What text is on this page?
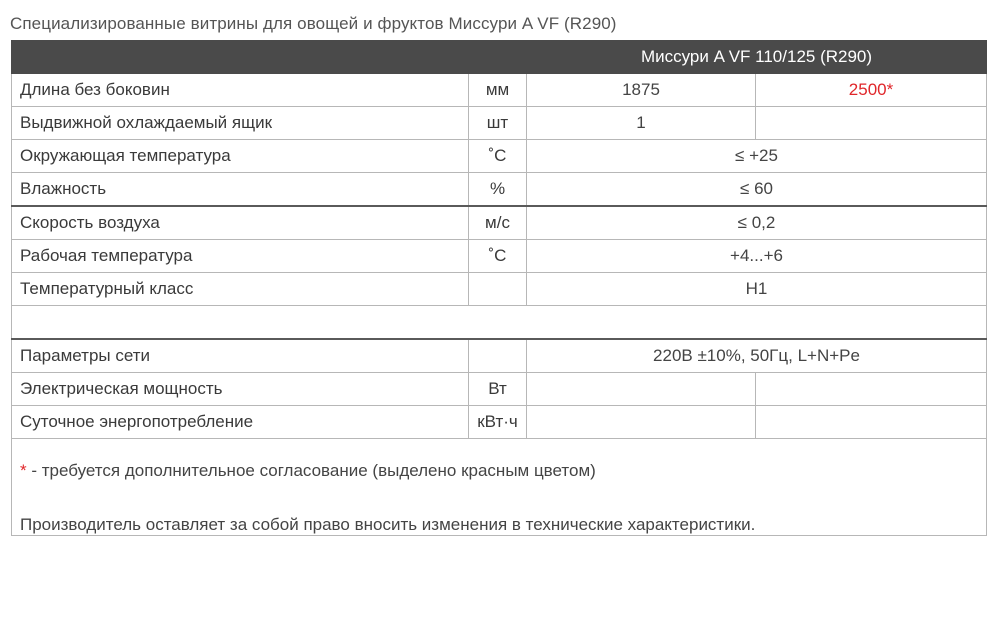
Специализированные витрины для овощей и фруктов Миссури A VF (R290)
		Миссури A VF 110/125 (R290)	
Длина без боковин	мм	1875	2500*
Выдвижной охлаждаемый ящик	шт	1	
Окружающая температура	˚С	≤ +25	
Влажность	%	≤ 60	
Скорость воздуха	м/с	≤ 0,2	
Рабочая температура	˚С	+4...+6	
Температурный класс		Н1	

Параметры сети		220В ±10%, 50Гц, L+N+Pe	
Электрическая мощность	Вт		
Суточное энергопотребление	кВт·ч		

* - требуется дополнительное согласование (выделено красным цветом)
Производитель оставляет за собой право вносить изменения в технические характеристики.			
